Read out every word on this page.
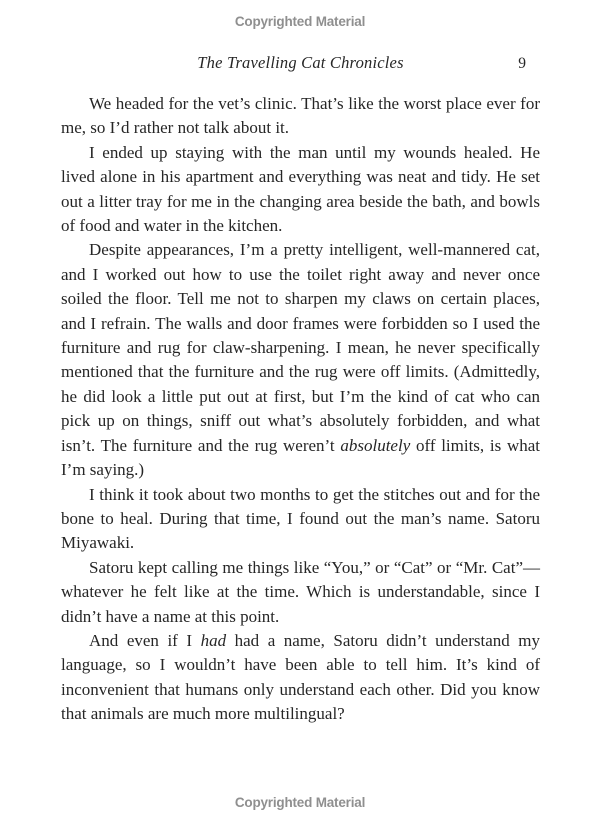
Copyrighted Material
The Travelling Cat Chronicles	9

We headed for the vet’s clinic. That’s like the worst place ever for me, so I’d rather not talk about it.

I ended up staying with the man until my wounds healed. He lived alone in his apartment and everything was neat and tidy. He set out a litter tray for me in the changing area beside the bath, and bowls of food and water in the kitchen.

Despite appearances, I’m a pretty intelligent, well-mannered cat, and I worked out how to use the toilet right away and never once soiled the floor. Tell me not to sharpen my claws on certain places, and I refrain. The walls and door frames were forbidden so I used the furniture and rug for claw-sharpening. I mean, he never specifically mentioned that the furniture and the rug were off limits. (Admittedly, he did look a little put out at first, but I’m the kind of cat who can pick up on things, sniff out what’s absolutely forbidden, and what isn’t. The furniture and the rug weren’t absolutely off limits, is what I’m saying.)

I think it took about two months to get the stitches out and for the bone to heal. During that time, I found out the man’s name. Satoru Miyawaki.

Satoru kept calling me things like “You,” or “Cat” or “Mr. Cat”—whatever he felt like at the time. Which is understandable, since I didn’t have a name at this point.

And even if I had had a name, Satoru didn’t understand my language, so I wouldn’t have been able to tell him. It’s kind of inconvenient that humans only understand each other. Did you know that animals are much more multilingual?

Copyrighted Material
